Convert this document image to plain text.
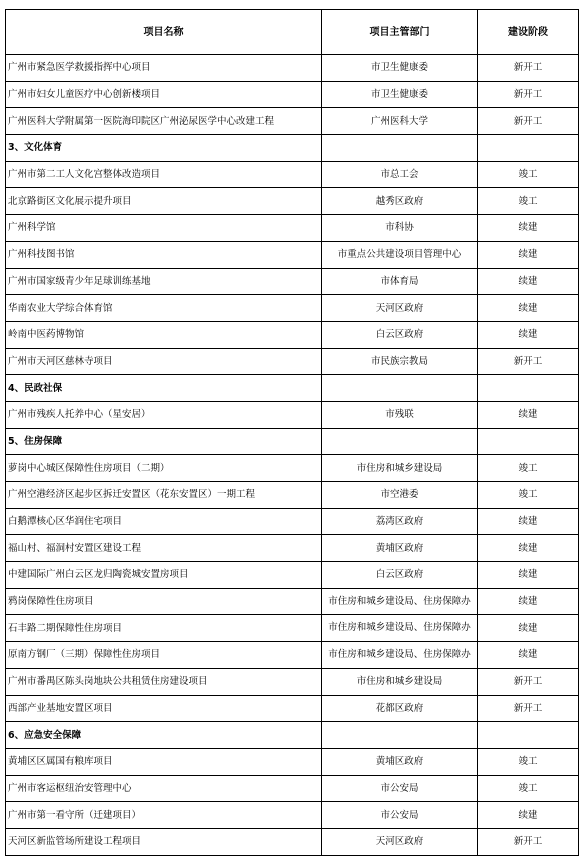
项目名称	项目主管部门	建设阶段
广州市紧急医学救援指挥中心项目	市卫生健康委	新开工
广州市妇女儿童医疗中心创新楼项目	市卫生健康委	新开工
广州医科大学附属第一医院海印院区广州泌尿医学中心改建工程	广州医科大学	新开工
3、文化体育		
广州市第二工人文化宫整体改造项目	市总工会	竣工
北京路街区文化展示提升项目	越秀区政府	竣工
广州科学馆	市科协	续建
广州科技图书馆	市重点公共建设项目管理中心	续建
广州市国家级青少年足球训练基地	市体育局	续建
华南农业大学综合体育馆	天河区政府	续建
岭南中医药博物馆	白云区政府	续建
广州市天河区慈林寺项目	市民族宗教局	新开工
4、民政社保		
广州市残疾人托养中心（星安居）	市残联	续建
5、住房保障		
萝岗中心城区保障性住房项目（二期）	市住房和城乡建设局	竣工
广州空港经济区起步区拆迁安置区（花东安置区）一期工程	市空港委	竣工
白鹅潭核心区华润住宅项目	荔湾区政府	续建
福山村、福洞村安置区建设工程	黄埔区政府	续建
中建国际广州白云区龙归陶瓷城安置房项目	白云区政府	续建
鸦岗保障性住房项目	市住房和城乡建设局、住房保障办	续建
石丰路二期保障性住房项目	市住房和城乡建设局、住房保障办	续建
原南方钢厂（三期）保障性住房项目	市住房和城乡建设局、住房保障办	续建
广州市番禺区陈头岗地块公共租赁住房建设项目	市住房和城乡建设局	新开工
西部产业基地安置区项目	花都区政府	新开工
6、应急安全保障		
黄埔区区属国有粮库项目	黄埔区政府	竣工
广州市客运枢纽治安管理中心	市公安局	竣工
广州市第一看守所（迁建项目）	市公安局	续建
天河区新监管场所建设工程项目	天河区政府	新开工
